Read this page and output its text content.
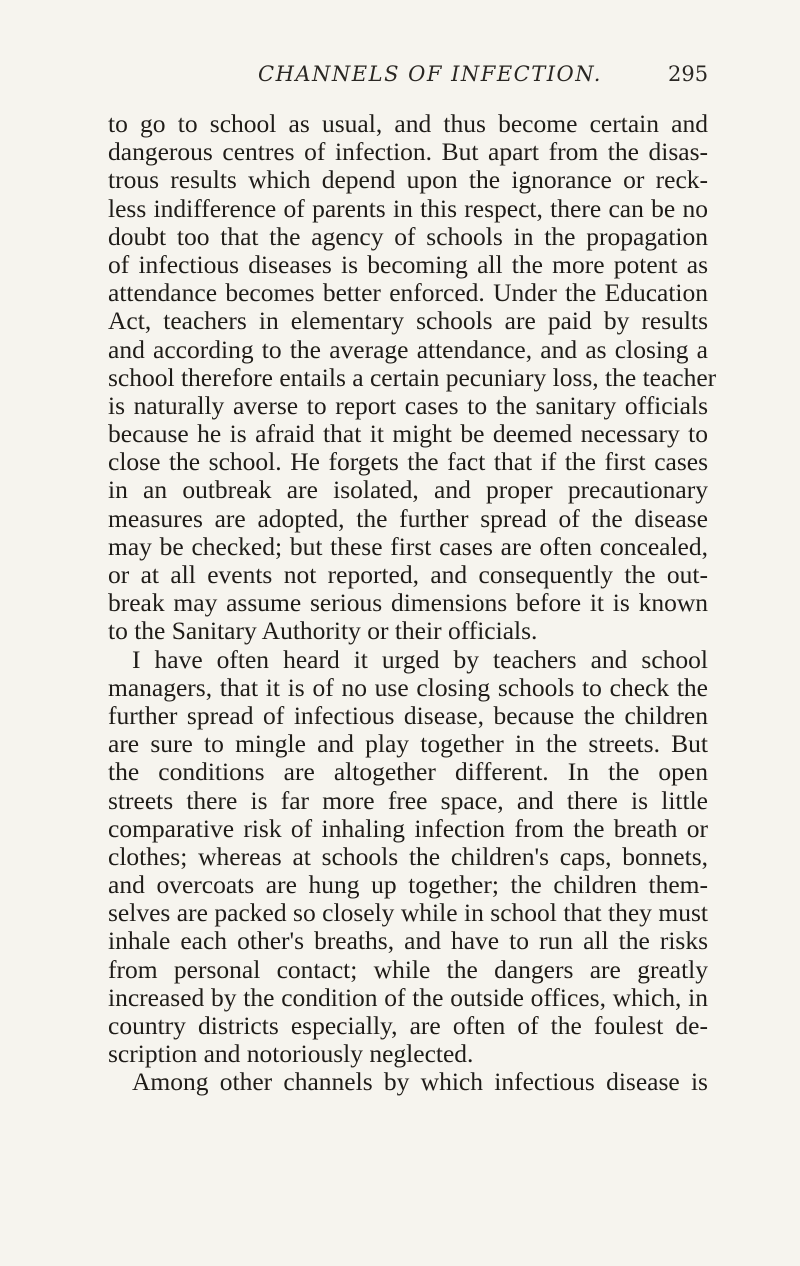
CHANNELS OF INFECTION.	295
to go to school as usual, and thus become certain and
dangerous centres of infection. But apart from the disas-
trous results which depend upon the ignorance or reck-
less indifference of parents in this respect, there can be no
doubt too that the agency of schools in the propagation
of infectious diseases is becoming all the more potent as
attendance becomes better enforced. Under the Education
Act, teachers in elementary schools are paid by results
and according to the average attendance, and as closing a
school therefore entails a certain pecuniary loss, the teacher
is naturally averse to report cases to the sanitary officials
because he is afraid that it might be deemed necessary to
close the school. He forgets the fact that if the first cases
in an outbreak are isolated, and proper precautionary
measures are adopted, the further spread of the disease
may be checked; but these first cases are often concealed,
or at all events not reported, and consequently the out-
break may assume serious dimensions before it is known
to the Sanitary Authority or their officials.
I have often heard it urged by teachers and school
managers, that it is of no use closing schools to check the
further spread of infectious disease, because the children
are sure to mingle and play together in the streets. But
the conditions are altogether different. In the open
streets there is far more free space, and there is little
comparative risk of inhaling infection from the breath or
clothes; whereas at schools the children's caps, bonnets,
and overcoats are hung up together; the children them-
selves are packed so closely while in school that they must
inhale each other's breaths, and have to run all the risks
from personal contact; while the dangers are greatly
increased by the condition of the outside offices, which, in
country districts especially, are often of the foulest de-
scription and notoriously neglected.
Among other channels by which infectious disease is
